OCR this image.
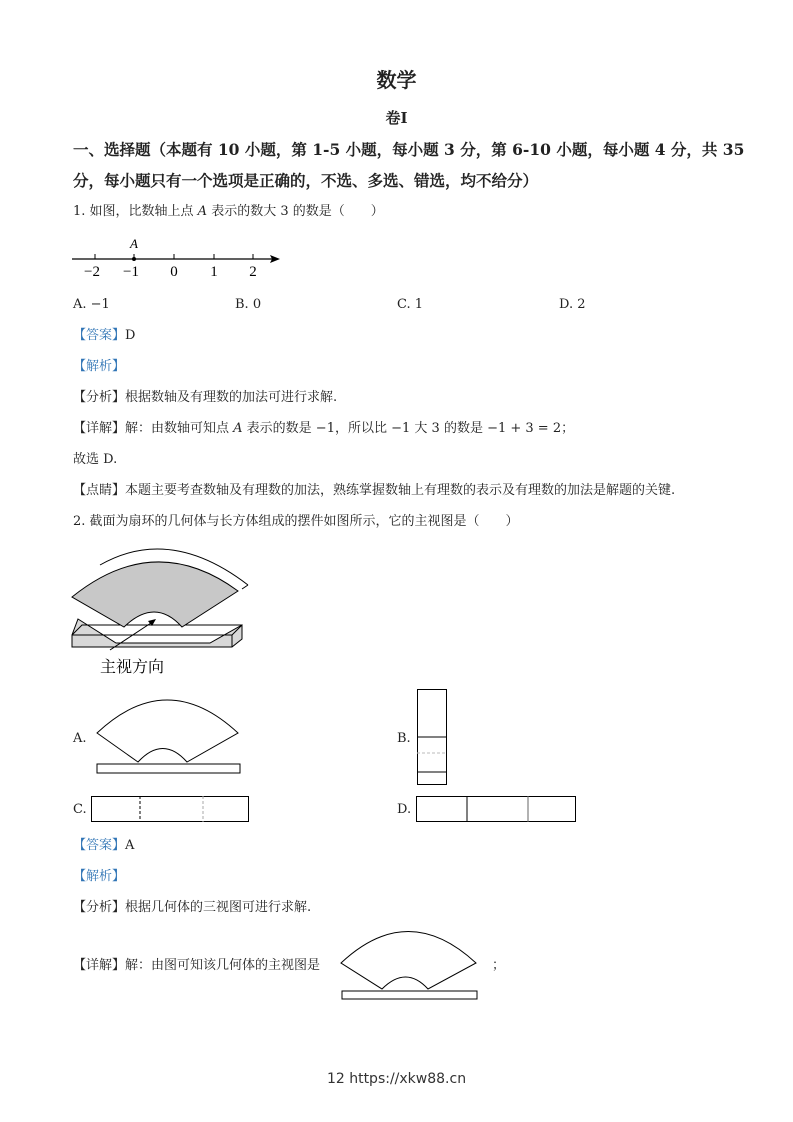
数学
卷I
一、选择题（本题有 10 小题，第 1-5 小题，每小题 3 分，第 6-10 小题，每小题 4 分，共 35
分，每小题只有一个选项是正确的，不选、多选、错选，均不给分）
1. 如图，比数轴上点 A 表示的数大 3 的数是（　　）
A
−2 −1 0 1 2
A. −1	B. 0	C. 1	D. 2
【答案】D
【解析】
【分析】根据数轴及有理数的加法可进行求解.
【详解】解：由数轴可知点 A 表示的数是 −1，所以比 −1 大 3 的数是 −1 + 3 = 2；
故选 D.
【点睛】本题主要考查数轴及有理数的加法，熟练掌握数轴上有理数的表示及有理数的加法是解题的关键.
2. 截面为扇环的几何体与长方体组成的摆件如图所示，它的主视图是（　　）
主视方向
A.	B.
C.	D.
【答案】A
【解析】
【分析】根据几何体的三视图可进行求解.
【详解】解：由图可知该几何体的主视图是	；
12 https://xkw88.cn
